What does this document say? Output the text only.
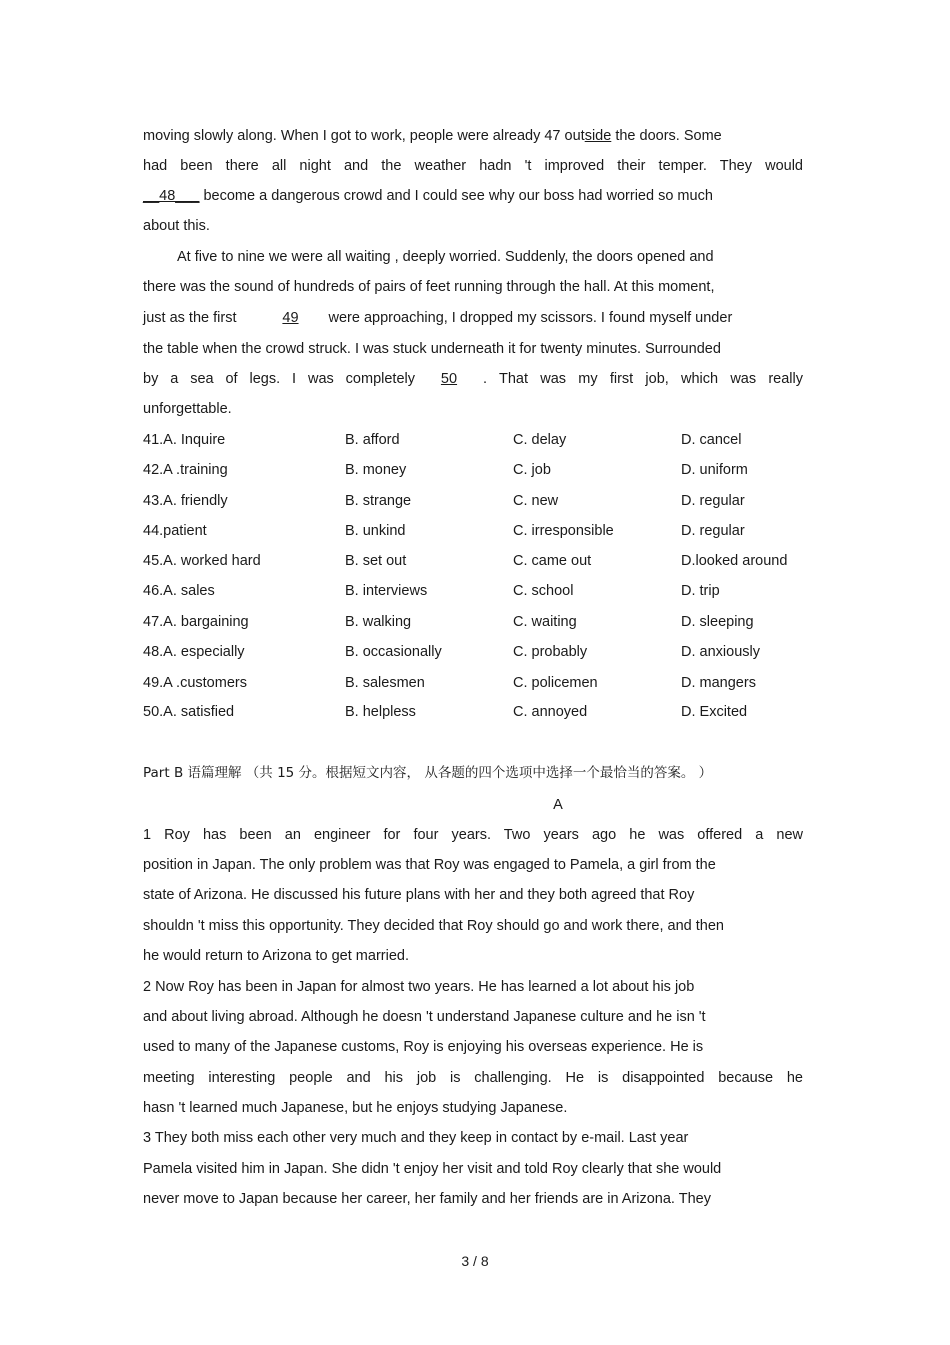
moving slowly along. When I got to work, people were already 47 outside the doors. Some
had been there all night and the weather hadn 't improved their temper. They would
__48___ become a dangerous crowd and I could see why our boss had worried so much
about this.
At five to nine we were all waiting , deeply worried. Suddenly, the doors opened and
there was the sound of hundreds of pairs of feet running through the hall. At this moment,
just as the first	49 were approaching, I dropped my scissors. I found myself under
the table when the crowd struck. I was stuck underneath it for twenty minutes. Surrounded
by a sea of legs. I was completely	50	. That was my first job, which was really
unforgettable.
41.A. Inquire	B. afford	C. delay	D. cancel
42.A .training	B. money	C. job	D. uniform
43.A. friendly	B. strange	C. new	D. regular
44.patient	B. unkind	C. irresponsible	D. regular
45.A. worked hard	B. set out	C. came out	D.looked around
46.A. sales	B. interviews	C. school	D. trip
47.A. bargaining	B. walking	C. waiting	D. sleeping
48.A. especially	B. occasionally	C. probably	D. anxiously
49.A .customers	B. salesmen	C. policemen	D. mangers
50.A. satisfied	B. helpless	C. annoyed	D. Excited
Part B 语篇理解 （共 15 分。根据短文内容， 从各题的四个选项中选择一个最恰当的答案。 ）
A
1 Roy has been an engineer for four years. Two years ago he was offered a new
position in Japan. The only problem was that Roy was engaged to Pamela, a girl from the
state of Arizona. He discussed his future plans with her and they both agreed that Roy
shouldn 't miss this opportunity. They decided that Roy should go and work there, and then
he would return to Arizona to get married.
2 Now Roy has been in Japan for almost two years. He has learned a lot about his job
and about living abroad. Although he doesn 't understand Japanese culture and he isn 't
used to many of the Japanese customs, Roy is enjoying his overseas experience. He is
meeting interesting people and his job is challenging. He is disappointed because he
hasn 't learned much Japanese, but he enjoys studying Japanese.
3 They both miss each other very much and they keep in contact by e-mail. Last year
Pamela visited him in Japan. She didn 't enjoy her visit and told Roy clearly that she would
never move to Japan because her career, her family and her friends are in Arizona. They
3 / 8
